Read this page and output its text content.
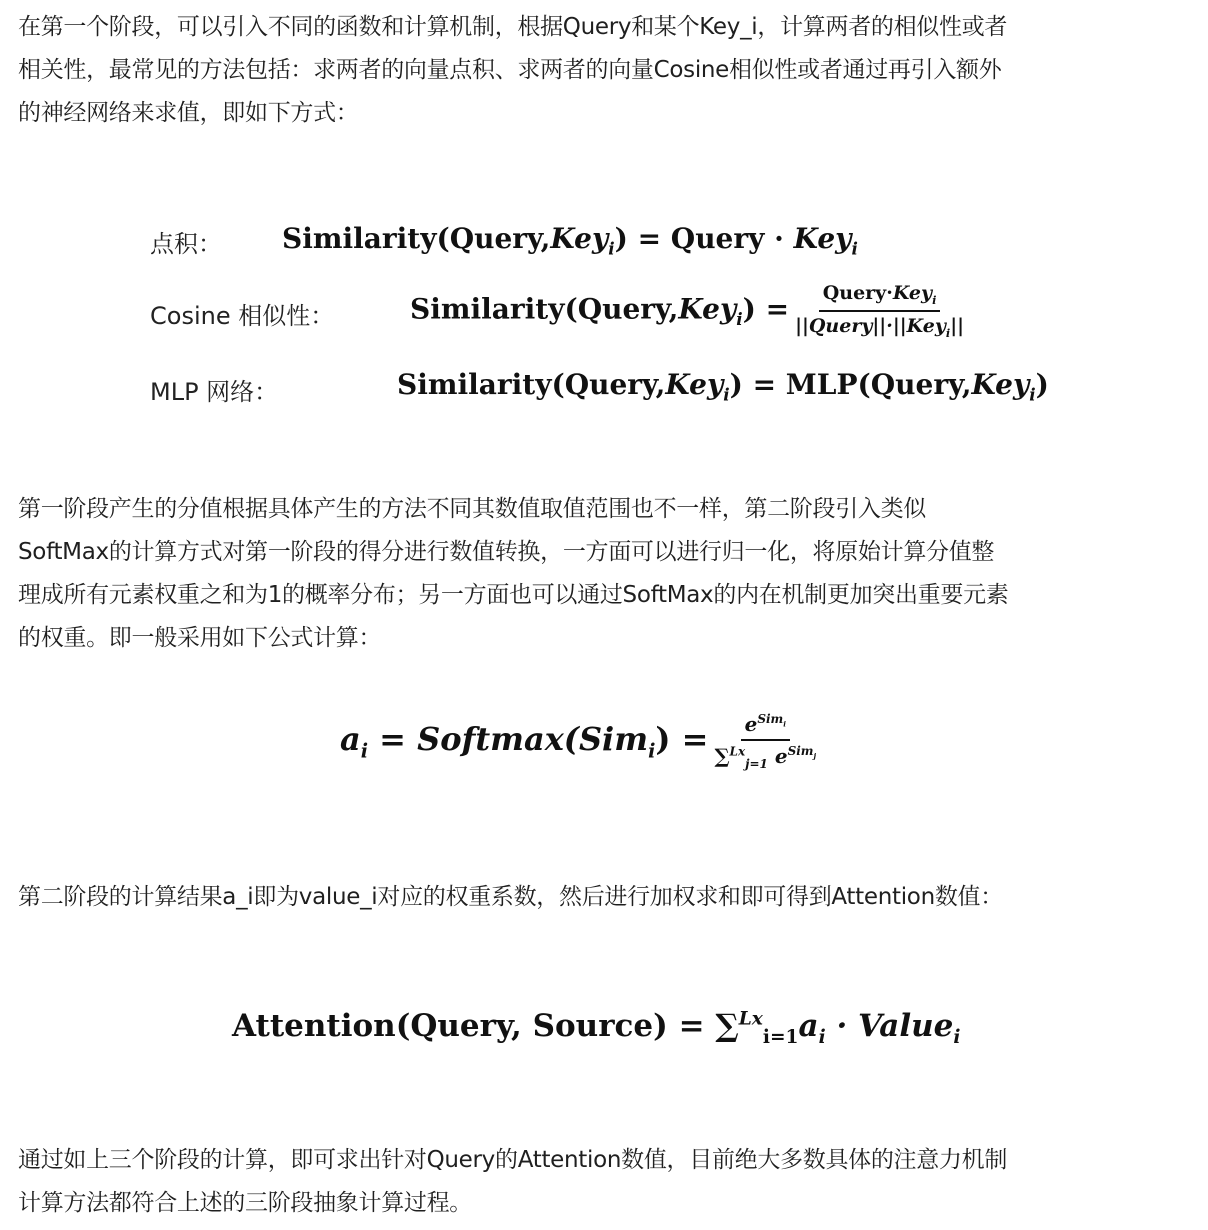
在第一个阶段，可以引入不同的函数和计算机制，根据Query和某个Key_i，计算两者的相似性或者
相关性，最常见的方法包括：求两者的向量点积、求两者的向量Cosine相似性或者通过再引入额外
的神经网络来求值，即如下方式：
点积： Similarity(Query,Key$_i$) = Query · Key$_i$
Cosine 相似性：	Similarity(Query,Key$_i$) = $\frac{Query\cdot Key_i}{||Query||\cdot||Key_i||}$
MLP 网络：	Similarity(Query,Key$_i$) = MLP(Query,Key$_i$)
第一阶段产生的分值根据具体产生的方法不同其数值取值范围也不一样，第二阶段引入类似
SoftMax的计算方式对第一阶段的得分进行数值转换，一方面可以进行归一化，将原始计算分值整
理成所有元素权重之和为1的概率分布；另一方面也可以通过SoftMax的内在机制更加突出重要元素
的权重。即一般采用如下公式计算：
$a_i$ = Softmax(Sim$_i$) = $\frac{e^{Sim_i}}{\sum^{Lx}_{j=1} e^{Sim_j}}$
第二阶段的计算结果a_i即为value_i对应的权重系数，然后进行加权求和即可得到Attention数值：
Attention(Query, Source) = $\sum^{Lx}_{i=1}a_i$ · Value$_i$
通过如上三个阶段的计算，即可求出针对Query的Attention数值，目前绝大多数具体的注意力机制
计算方法都符合上述的三阶段抽象计算过程。
